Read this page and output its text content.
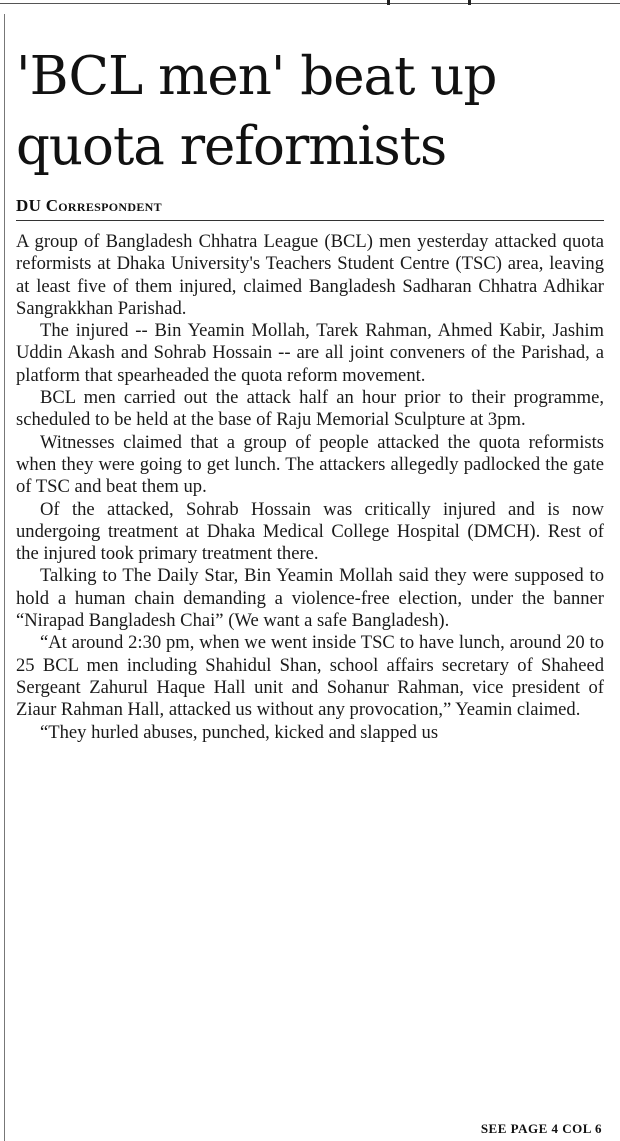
'BCL men' beat up quota reformists
DU Correspondent

A group of Bangladesh Chhatra League (BCL) men yesterday attacked quota reformists at Dhaka University's Teachers Student Centre (TSC) area, leaving at least five of them injured, claimed Bangladesh Sadharan Chhatra Adhikar Sangrakkhan Parishad.

The injured -- Bin Yeamin Mollah, Tarek Rahman, Ahmed Kabir, Jashim Uddin Akash and Sohrab Hossain -- are all joint conveners of the Parishad, a platform that spearheaded the quota reform movement.

BCL men carried out the attack half an hour prior to their programme, scheduled to be held at the base of Raju Memorial Sculpture at 3pm.

Witnesses claimed that a group of people attacked the quota reformists when they were going to get lunch. The attackers allegedly padlocked the gate of TSC and beat them up.

Of the attacked, Sohrab Hossain was critically injured and is now undergoing treatment at Dhaka Medical College Hospital (DMCH). Rest of the injured took primary treatment there.

Talking to The Daily Star, Bin Yeamin Mollah said they were supposed to hold a human chain demanding a violence-free election, under the banner “Nirapad Bangladesh Chai” (We want a safe Bangladesh).

“At around 2:30 pm, when we went inside TSC to have lunch, around 20 to 25 BCL men including Shahidul Shan, school affairs secretary of Shaheed Sergeant Zahurul Haque Hall unit and Sohanur Rahman, vice president of Ziaur Rahman Hall, attacked us without any provocation,” Yeamin claimed.

“They hurled abuses, punched, kicked and slapped us

SEE PAGE 4 COL 6
